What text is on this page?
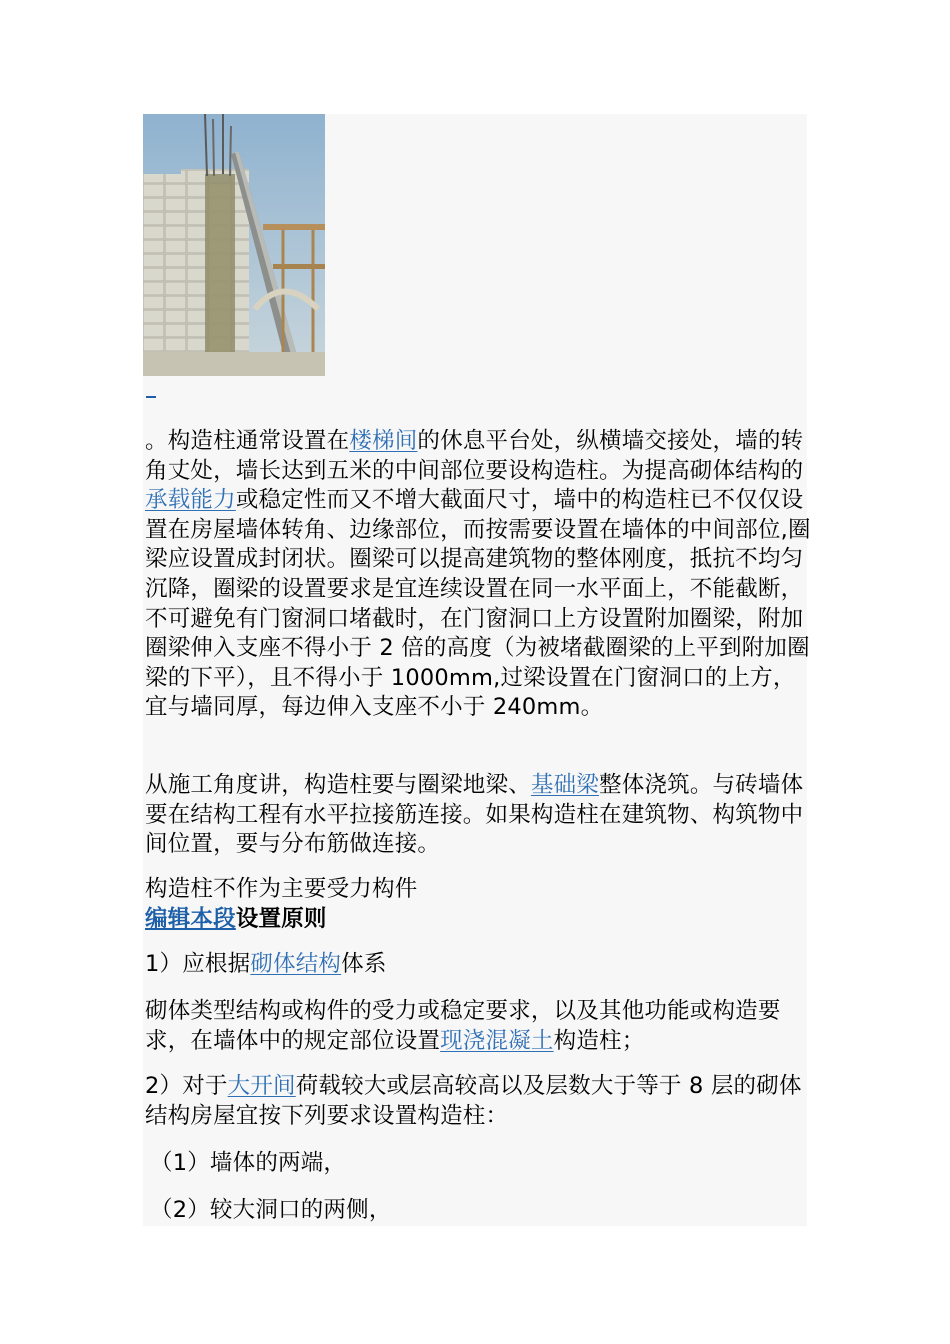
。构造柱通常设置在楼梯间的休息平台处，纵横墙交接处，墙的转角丈处，墙长达到五米的中间部位要设构造柱。为提高砌体结构的承载能力或稳定性而又不增大截面尺寸，墙中的构造柱已不仅仅设置在房屋墙体转角、边缘部位，而按需要设置在墙体的中间部位,圈梁应设置成封闭状。圈梁可以提高建筑物的整体刚度，抵抗不均匀沉降，圈梁的设置要求是宜连续设置在同一水平面上，不能截断，不可避免有门窗洞口堵截时，在门窗洞口上方设置附加圈梁，附加圈梁伸入支座不得小于 2 倍的高度（为被堵截圈梁的上平到附加圈梁的下平），且不得小于 1000mm,过梁设置在门窗洞口的上方，宜与墙同厚，每边伸入支座不小于 240mm。
从施工角度讲，构造柱要与圈梁地梁、基础梁整体浇筑。与砖墙体要在结构工程有水平拉接筋连接。如果构造柱在建筑物、构筑物中间位置，要与分布筋做连接。
构造柱不作为主要受力构件
编辑本段设置原则
1）应根据砌体结构体系
砌体类型结构或构件的受力或稳定要求，以及其他功能或构造要求，在墙体中的规定部位设置现浇混凝土构造柱；
2）对于大开间荷载较大或层高较高以及层数大于等于 8 层的砌体结构房屋宜按下列要求设置构造柱：
（1）墙体的两端，
（2）较大洞口的两侧，
